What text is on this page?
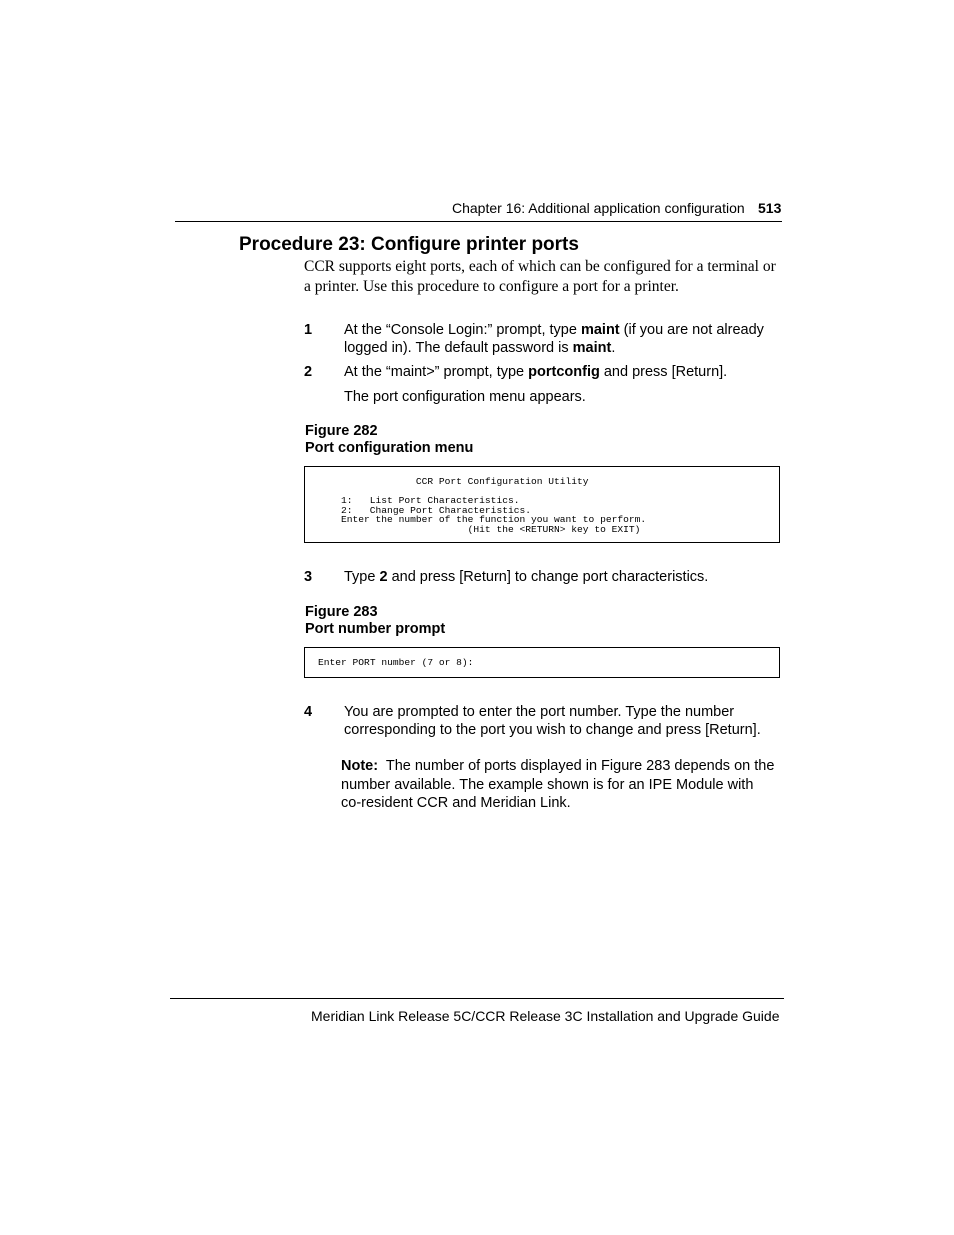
Chapter 16: Additional application configuration 513
Procedure 23: Configure printer ports
CCR supports eight ports, each of which can be configured for a terminal or
a printer. Use this procedure to configure a port for a printer.
1 At the “Console Login:” prompt, type maint (if you are not already
logged in). The default password is maint.
2 At the “maint>” prompt, type portconfig and press [Return].
The port configuration menu appears.
Figure 282
Port configuration menu
CCR Port Configuration Utility
1:   List Port Characteristics.
2:   Change Port Characteristics.
Enter the number of the function you want to perform.
(Hit the <RETURN> key to EXIT)
3 Type 2 and press [Return] to change port characteristics.
Figure 283
Port number prompt
Enter PORT number (7 or 8):
4 You are prompted to enter the port number. Type the number
corresponding to the port you wish to change and press [Return].
Note:  The number of ports displayed in Figure 283 depends on the
number available. The example shown is for an IPE Module with
co-resident CCR and Meridian Link.
Meridian Link Release 5C/CCR Release 3C Installation and Upgrade Guide
